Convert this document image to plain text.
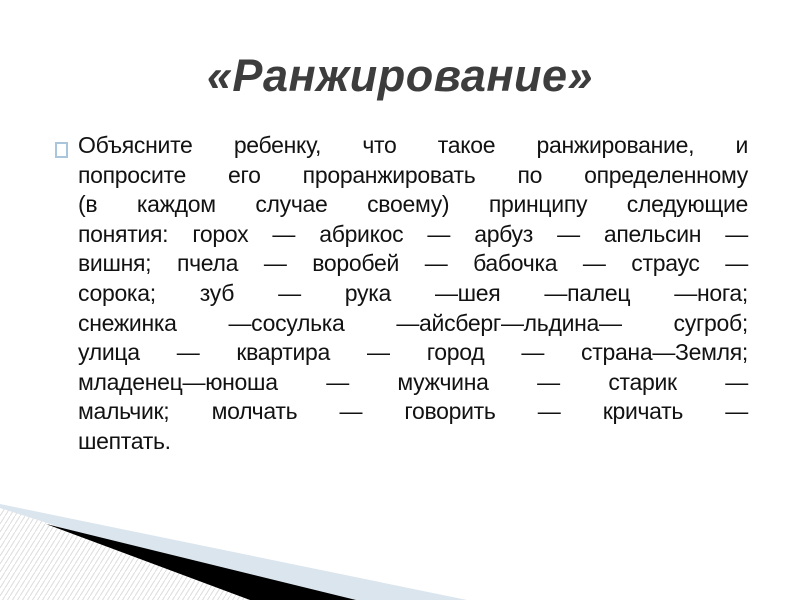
«Ранжирование»
Объясните ребенку, что такое ранжирование, и
попросите его проранжировать по определенному
(в каждом случае своему) принципу следующие
понятия: горох — абрикос — арбуз — апельсин —
вишня; пчела — воробей — бабочка — страус —
сорока; зуб — рука —шея —палец —нога;
снежинка —сосулька —айсберг—льдина— сугроб;
улица — квартира — город — страна—Земля;
младенец—юноша — мужчина — старик —
мальчик; молчать — говорить — кричать —
шептать.
